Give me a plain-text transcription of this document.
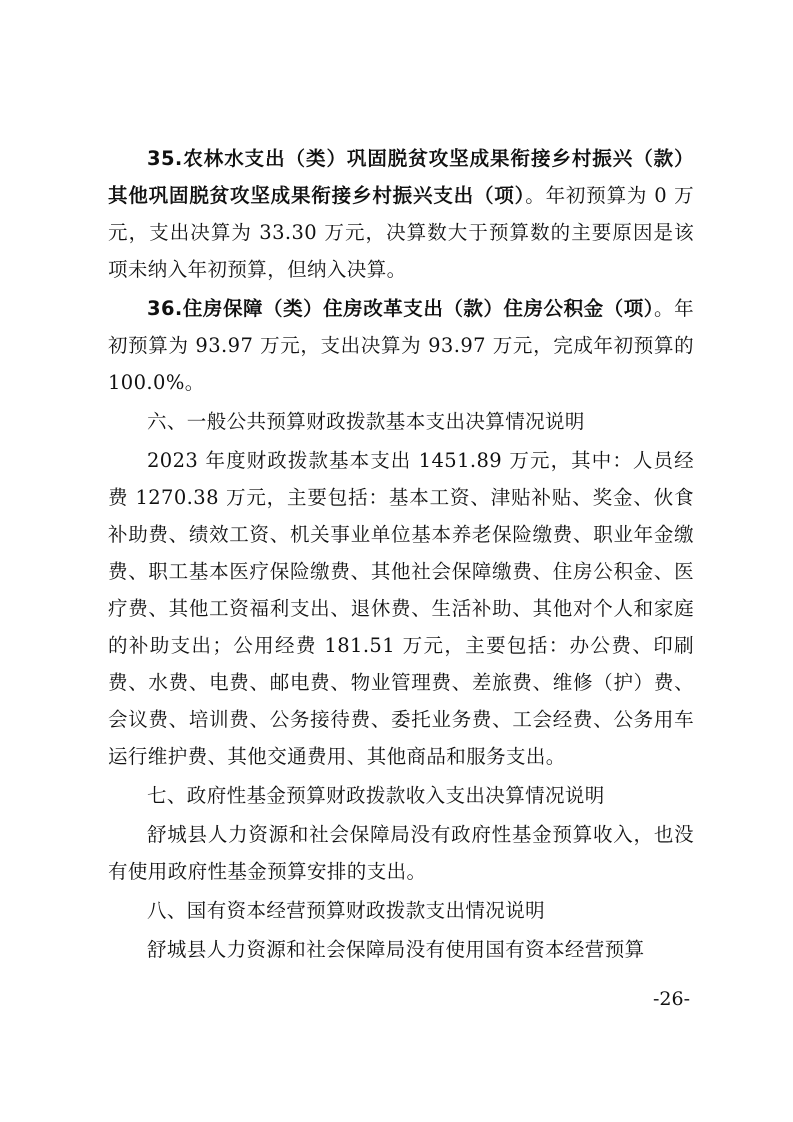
35.农林水支出（类）巩固脱贫攻坚成果衔接乡村振兴（款）其他巩固脱贫攻坚成果衔接乡村振兴支出（项）。年初预算为 0 万元，支出决算为 33.30 万元，决算数大于预算数的主要原因是该项未纳入年初预算，但纳入决算。

36.住房保障（类）住房改革支出（款）住房公积金（项）。年初预算为 93.97 万元，支出决算为 93.97 万元，完成年初预算的 100.0%。

六、一般公共预算财政拨款基本支出决算情况说明

2023 年度财政拨款基本支出 1451.89 万元，其中：人员经费 1270.38 万元，主要包括：基本工资、津贴补贴、奖金、伙食补助费、绩效工资、机关事业单位基本养老保险缴费、职业年金缴费、职工基本医疗保险缴费、其他社会保障缴费、住房公积金、医疗费、其他工资福利支出、退休费、生活补助、其他对个人和家庭的补助支出；公用经费 181.51 万元，主要包括：办公费、印刷费、水费、电费、邮电费、物业管理费、差旅费、维修（护）费、会议费、培训费、公务接待费、委托业务费、工会经费、公务用车运行维护费、其他交通费用、其他商品和服务支出。

七、政府性基金预算财政拨款收入支出决算情况说明

舒城县人力资源和社会保障局没有政府性基金预算收入，也没有使用政府性基金预算安排的支出。

八、国有资本经营预算财政拨款支出情况说明

舒城县人力资源和社会保障局没有使用国有资本经营预算

-26-
